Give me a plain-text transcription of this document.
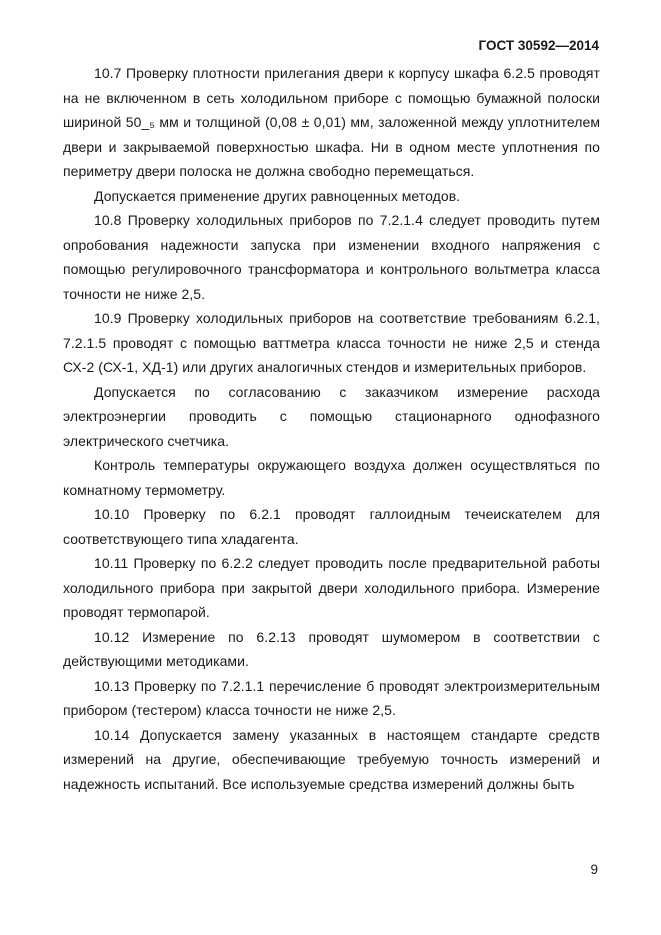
ГОСТ 30592—2014

10.7 Проверку плотности прилегания двери к корпусу шкафа 6.2.5 проводят на не включенном в сеть холодильном приборе с помощью бумажной полоски шириной 50_₅ мм и толщиной (0,08 ± 0,01) мм, заложенной между уплотнителем двери и закрываемой поверхностью шкафа. Ни в одном месте уплотнения по периметру двери полоска не должна свободно перемещаться.

Допускается применение других равноценных методов.

10.8 Проверку холодильных приборов по 7.2.1.4 следует проводить путем опробования надежности запуска при изменении входного напряжения с помощью регулировочного трансформатора и контрольного вольтметра класса точности не ниже 2,5.

10.9 Проверку холодильных приборов на соответствие требованиям 6.2.1, 7.2.1.5 проводят с помощью ваттметра класса точности не ниже 2,5 и стенда СХ-2 (СХ-1, ХД-1) или других аналогичных стендов и измерительных приборов.

Допускается по согласованию с заказчиком измерение расхода электроэнергии проводить с помощью стационарного однофазного электрического счетчика.

Контроль температуры окружающего воздуха должен осуществляться по комнатному термометру.

10.10 Проверку по 6.2.1 проводят галлоидным течеискателем для соответствующего типа хладагента.

10.11 Проверку по 6.2.2 следует проводить после предварительной работы холодильного прибора при закрытой двери холодильного прибора. Измерение проводят термопарой.

10.12 Измерение по 6.2.13 проводят шумомером в соответствии с действующими методиками.

10.13 Проверку по 7.2.1.1 перечисление б проводят электроизмерительным прибором (тестером) класса точности не ниже 2,5.

10.14 Допускается замену указанных в настоящем стандарте средств измерений на другие, обеспечивающие требуемую точность измерений и надежность испытаний. Все используемые средства измерений должны быть

9
